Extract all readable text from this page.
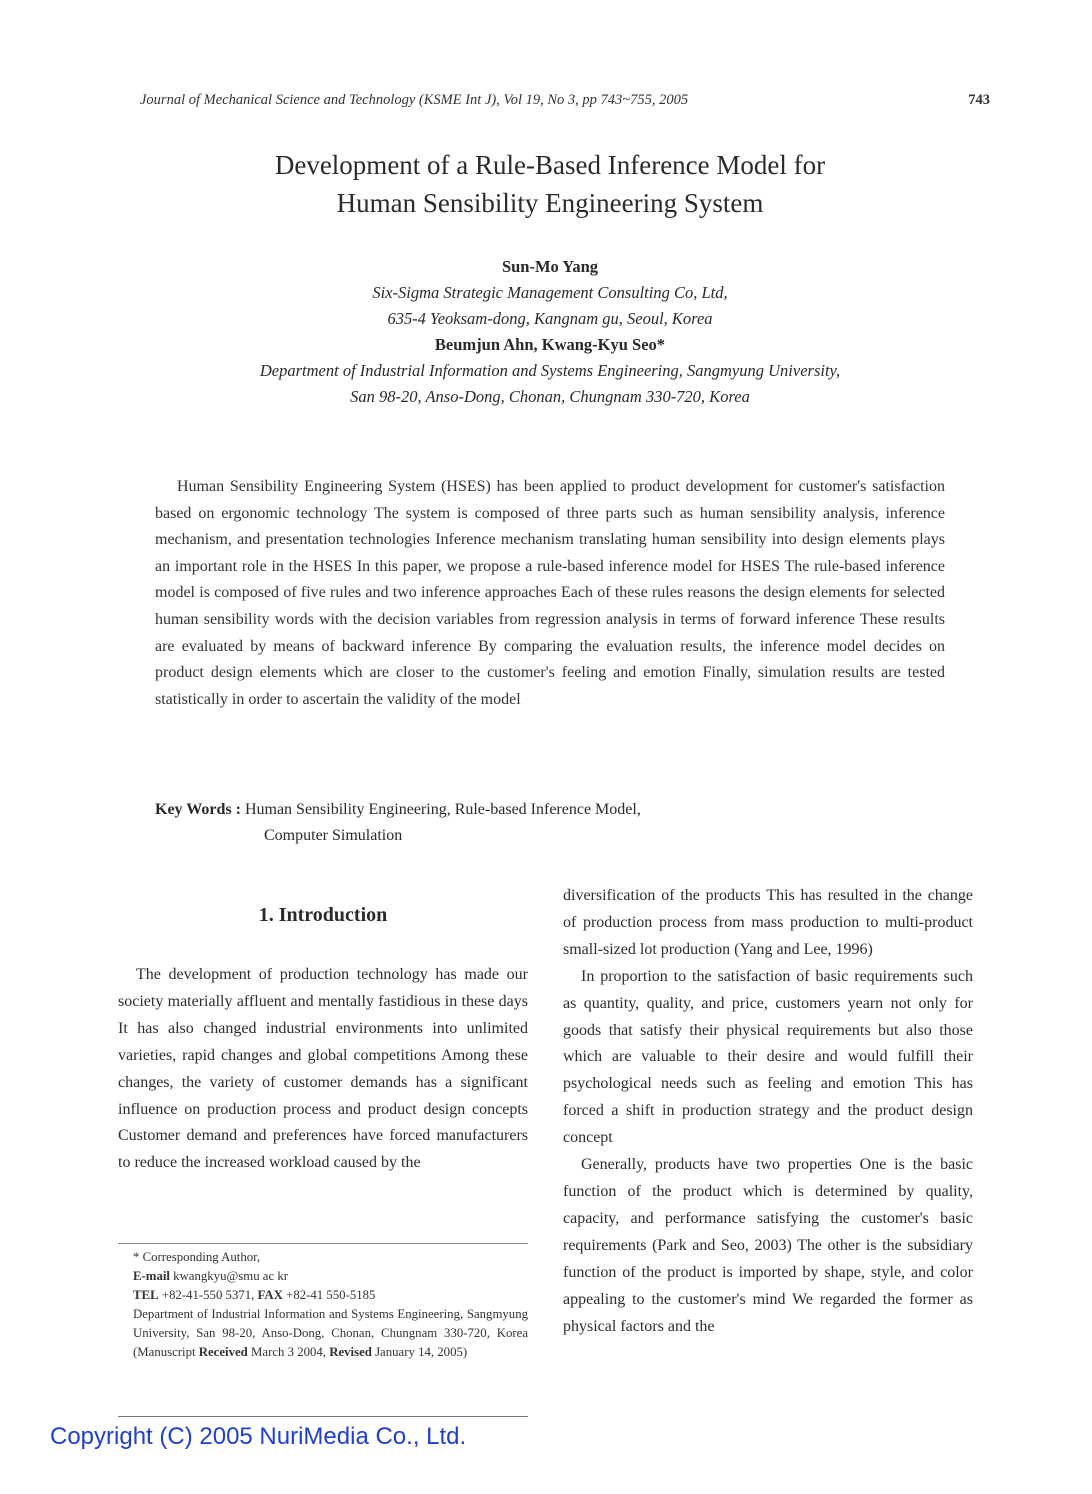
Journal of Mechanical Science and Technology (KSME Int J), Vol 19, No 3, pp 743~755, 2005	743
Development of a Rule-Based Inference Model for
Human Sensibility Engineering System
Sun-Mo Yang
Six-Sigma Strategic Management Consulting Co, Ltd,
635-4 Yeoksam-dong, Kangnam gu, Seoul, Korea
Beumjun Ahn, Kwang-Kyu Seo*
Department of Industrial Information and Systems Engineering, Sangmyung University,
San 98-20, Anso-Dong, Chonan, Chungnam 330-720, Korea

Human Sensibility Engineering System (HSES) has been applied to product development for customer's satisfaction based on ergonomic technology The system is composed of three parts such as human sensibility analysis, inference mechanism, and presentation technologies Inference mechanism translating human sensibility into design elements plays an important role in the HSES In this paper, we propose a rule-based inference model for HSES The rule-based inference model is composed of five rules and two inference approaches Each of these rules reasons the design elements for selected human sensibility words with the decision variables from regression analysis in terms of forward inference These results are evaluated by means of backward inference By comparing the evaluation results, the inference model decides on product design elements which are closer to the customer's feeling and emotion Finally, simulation results are tested statistically in order to ascertain the validity of the model

Key Words : Human Sensibility Engineering, Rule-based Inference Model,
Computer Simulation
1. Introduction

The development of production technology has made our society materially affluent and mentally fastidious in these days It has also changed industrial environments into unlimited varieties, rapid changes and global competitions Among these changes, the variety of customer demands has a significant influence on production process and product design concepts Customer demand and preferences have forced manufacturers to reduce the increased workload caused by the

* Corresponding Author,
E-mail kwangkyu@smu ac kr
TEL +82-41-550 5371, FAX +82-41 550-5185
Department of Industrial Information and Systems Engineering, Sangmyung University, San 98-20, Anso-Dong, Chonan, Chungnam 330-720, Korea (Manuscript Received March 3 2004, Revised January 14, 2005)

diversification of the products This has resulted in the change of production process from mass production to multi-product small-sized lot production (Yang and Lee, 1996)

In proportion to the satisfaction of basic requirements such as quantity, quality, and price, customers yearn not only for goods that satisfy their physical requirements but also those which are valuable to their desire and would fulfill their psychological needs such as feeling and emotion This has forced a shift in production strategy and the product design concept

Generally, products have two properties One is the basic function of the product which is determined by quality, capacity, and performance satisfying the customer's basic requirements (Park and Seo, 2003) The other is the subsidiary function of the product is imported by shape, style, and color appealing to the customer's mind We regarded the former as physical factors and the

Copyright (C) 2005 NuriMedia Co., Ltd.
